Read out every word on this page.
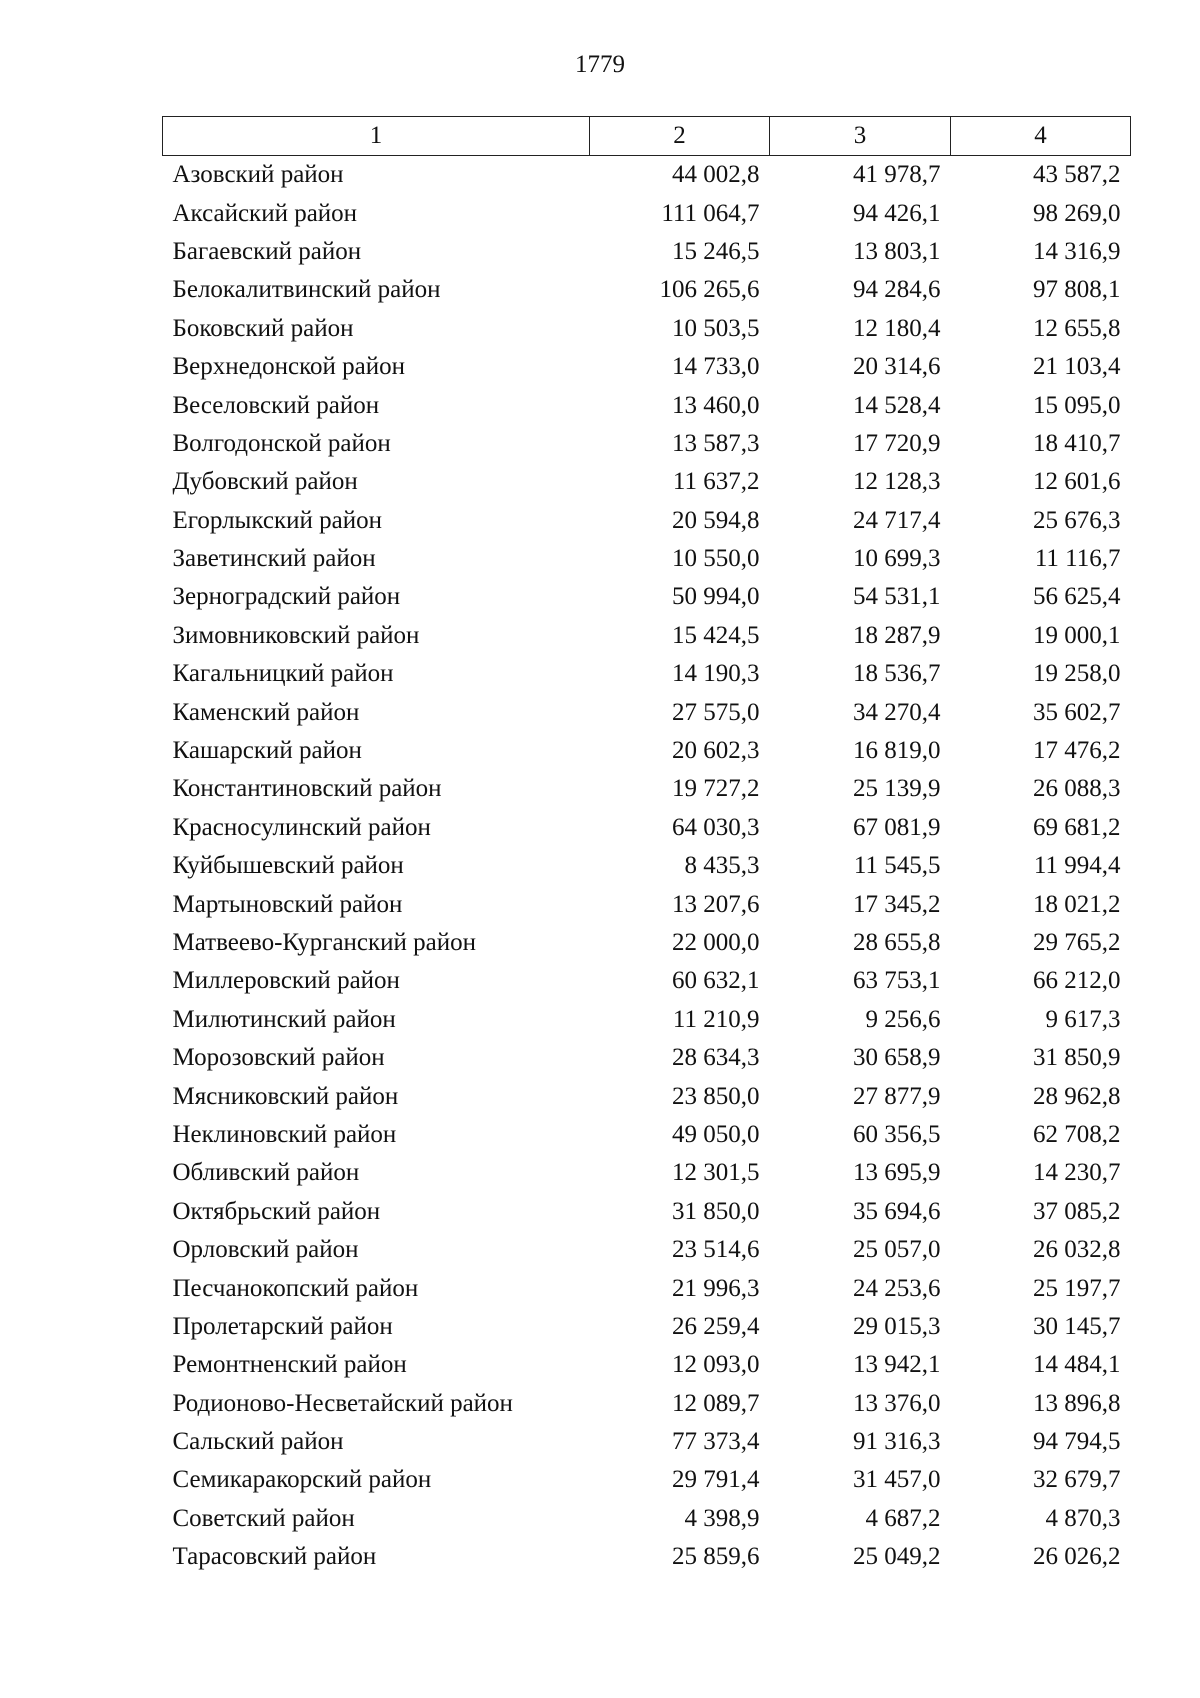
1779
1	2	3	4
Азовский район	44 002,8	41 978,7	43 587,2
Аксайский район	111 064,7	94 426,1	98 269,0
Багаевский район	15 246,5	13 803,1	14 316,9
Белокалитвинский район	106 265,6	94 284,6	97 808,1
Боковский район	10 503,5	12 180,4	12 655,8
Верхнедонской район	14 733,0	20 314,6	21 103,4
Веселовский район	13 460,0	14 528,4	15 095,0
Волгодонской район	13 587,3	17 720,9	18 410,7
Дубовский район	11 637,2	12 128,3	12 601,6
Егорлыкский район	20 594,8	24 717,4	25 676,3
Заветинский район	10 550,0	10 699,3	11 116,7
Зерноградский район	50 994,0	54 531,1	56 625,4
Зимовниковский район	15 424,5	18 287,9	19 000,1
Кагальницкий район	14 190,3	18 536,7	19 258,0
Каменский район	27 575,0	34 270,4	35 602,7
Кашарский район	20 602,3	16 819,0	17 476,2
Константиновский район	19 727,2	25 139,9	26 088,3
Красносулинский район	64 030,3	67 081,9	69 681,2
Куйбышевский район	8 435,3	11 545,5	11 994,4
Мартыновский район	13 207,6	17 345,2	18 021,2
Матвеево-Курганский район	22 000,0	28 655,8	29 765,2
Миллеровский район	60 632,1	63 753,1	66 212,0
Милютинский район	11 210,9	9 256,6	9 617,3
Морозовский район	28 634,3	30 658,9	31 850,9
Мясниковский район	23 850,0	27 877,9	28 962,8
Неклиновский район	49 050,0	60 356,5	62 708,2
Обливский район	12 301,5	13 695,9	14 230,7
Октябрьский район	31 850,0	35 694,6	37 085,2
Орловский район	23 514,6	25 057,0	26 032,8
Песчанокопский район	21 996,3	24 253,6	25 197,7
Пролетарский район	26 259,4	29 015,3	30 145,7
Ремонтненский район	12 093,0	13 942,1	14 484,1
Родионово-Несветайский район	12 089,7	13 376,0	13 896,8
Сальский район	77 373,4	91 316,3	94 794,5
Семикаракорский район	29 791,4	31 457,0	32 679,7
Советский район	4 398,9	4 687,2	4 870,3
Тарасовский район	25 859,6	25 049,2	26 026,2
